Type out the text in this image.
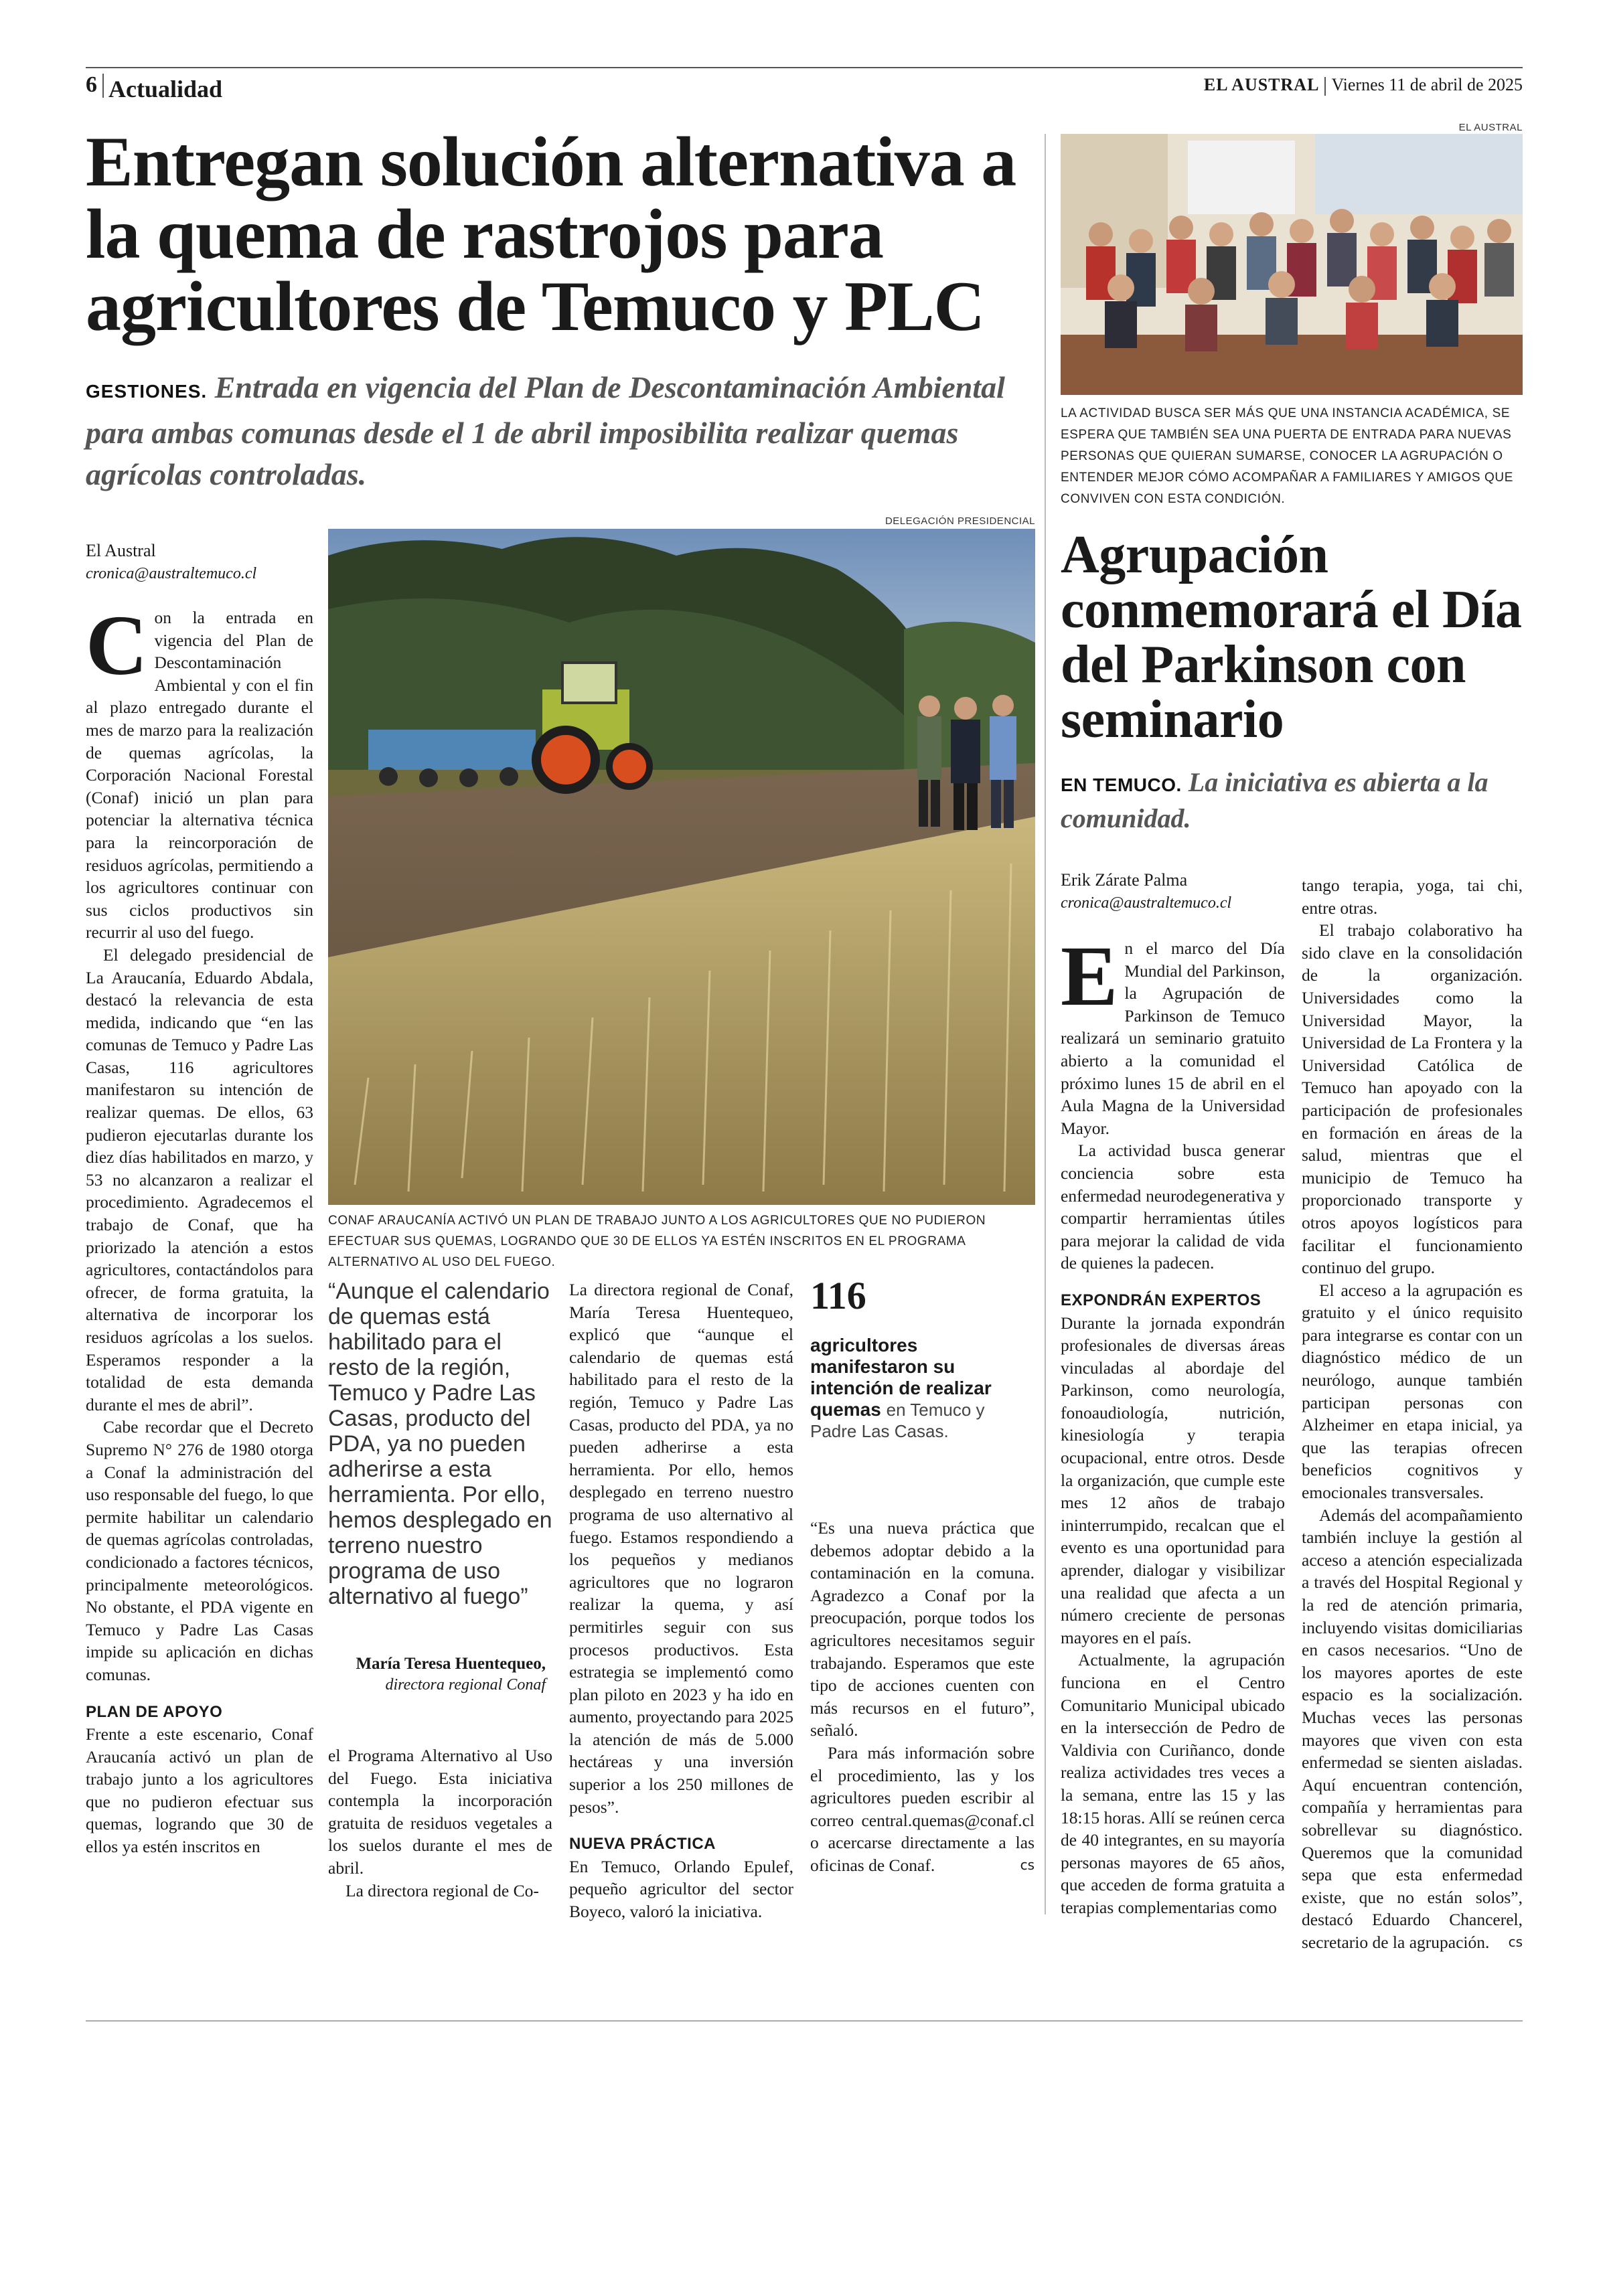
6 Actualidad	EL AUSTRAL Viernes 11 de abril de 2025
Entregan solución alternativa a la quema de rastrojos para agricultores de Temuco y PLC
GESTIONES. Entrada en vigencia del Plan de Descontaminación Ambiental para ambas comunas desde el 1 de abril imposibilita realizar quemas agrícolas controladas.
El Austral
cronica@australtemuco.cl

Con la entrada en vigencia del Plan de Descontaminación Ambiental y con el fin al plazo entregado durante el mes de marzo para la realización de quemas agrícolas, la Corporación Nacional Forestal (Conaf) inició un plan para potenciar la alternativa técnica para la reincorporación de residuos agrícolas, permitiendo a los agricultores continuar con sus ciclos productivos sin recurrir al uso del fuego.

El delegado presidencial de La Araucanía, Eduardo Abdala, destacó la relevancia de esta medida, indicando que “en las comunas de Temuco y Padre Las Casas, 116 agricultores manifestaron su intención de realizar quemas. De ellos, 63 pudieron ejecutarlas durante los diez días habilitados en marzo, y 53 no alcanzaron a realizar el procedimiento. Agradecemos el trabajo de Conaf, que ha priorizado la atención a estos agricultores, contactándolos para ofrecer, de forma gratuita, la alternativa de incorporar los residuos agrícolas a los suelos. Esperamos responder a la totalidad de esta demanda durante el mes de abril”.

Cabe recordar que el Decreto Supremo N° 276 de 1980 otorga a Conaf la administración del uso responsable del fuego, lo que permite habilitar un calendario de quemas agrícolas controladas, condicionado a factores técnicos, principalmente meteorológicos. No obstante, el PDA vigente en Temuco y Padre Las Casas impide su aplicación en dichas comunas.

PLAN DE APOYO

Frente a este escenario, Conaf Araucanía activó un plan de trabajo junto a los agricultores que no pudieron efectuar sus quemas, logrando que 30 de ellos ya estén inscritos en

DELEGACIÓN PRESIDENCIAL
CONAF ARAUCANÍA ACTIVÓ UN PLAN DE TRABAJO JUNTO A LOS AGRICULTORES QUE NO PUDIERON EFECTUAR SUS QUEMAS, LOGRANDO QUE 30 DE ELLOS YA ESTÉN INSCRITOS EN EL PROGRAMA ALTERNATIVO AL USO DEL FUEGO.
“Aunque el calendario de quemas está habilitado para el resto de la región, Temuco y Padre Las Casas, producto del PDA, ya no pueden adherirse a esta herramienta. Por ello, hemos desplegado en terreno nuestro programa de uso alternativo al fuego”
María Teresa Huentequeo,
directora regional Conaf

el Programa Alternativo al Uso del Fuego. Esta iniciativa contempla la incorporación gratuita de residuos vegetales a los suelos durante el mes de abril.

La directora regional de Co-

La directora regional de Conaf, María Teresa Huentequeo, explicó que “aunque el calendario de quemas está habilitado para el resto de la región, Temuco y Padre Las Casas, producto del PDA, ya no pueden adherirse a esta herramienta. Por ello, hemos desplegado en terreno nuestro programa de uso alternativo al fuego. Estamos respondiendo a los pequeños y medianos agricultores que no lograron realizar la quema, y así permitirles seguir con sus procesos productivos. Esta estrategia se implementó como plan piloto en 2023 y ha ido en aumento, proyectando para 2025 la atención de más de 5.000 hectáreas y una inversión superior a los 250 millones de pesos”.

NUEVA PRÁCTICA

En Temuco, Orlando Epulef, pequeño agricultor del sector Boyeco, valoró la iniciativa.

116
agricultores manifestaron su intención de realizar quemas en Temuco y Padre Las Casas.

“Es una nueva práctica que debemos adoptar debido a la contaminación en la comuna. Agradezco a Conaf por la preocupación, porque todos los agricultores necesitamos seguir trabajando. Esperamos que este tipo de acciones cuenten con más recursos en el futuro”, señaló.

Para más información sobre el procedimiento, las y los agricultores pueden escribir al correo central.quemas@conaf.cl o acercarse directamente a las oficinas de Conaf.	cs

EL AUSTRAL
LA ACTIVIDAD BUSCA SER MÁS QUE UNA INSTANCIA ACADÉMICA, SE ESPERA QUE TAMBIÉN SEA UNA PUERTA DE ENTRADA PARA NUEVAS PERSONAS QUE QUIERAN SUMARSE, CONOCER LA AGRUPACIÓN O ENTENDER MEJOR CÓMO ACOMPAÑAR A FAMILIARES Y AMIGOS QUE CONVIVEN CON ESTA CONDICIÓN.
Agrupación conmemorará el Día del Parkinson con seminario
EN TEMUCO. La iniciativa es abierta a la comunidad.
Erik Zárate Palma
cronica@australtemuco.cl

En el marco del Día Mundial del Parkinson, la Agrupación de Parkinson de Temuco realizará un seminario gratuito abierto a la comunidad el próximo lunes 15 de abril en el Aula Magna de la Universidad Mayor.

La actividad busca generar conciencia sobre esta enfermedad neurodegenerativa y compartir herramientas útiles para mejorar la calidad de vida de quienes la padecen.

EXPONDRÁN EXPERTOS

Durante la jornada expondrán profesionales de diversas áreas vinculadas al abordaje del Parkinson, como neurología, fonoaudiología, nutrición, kinesiología y terapia ocupacional, entre otros. Desde la organización, que cumple este mes 12 años de trabajo ininterrumpido, recalcan que el evento es una oportunidad para aprender, dialogar y visibilizar una realidad que afecta a un número creciente de personas mayores en el país.

Actualmente, la agrupación funciona en el Centro Comunitario Municipal ubicado en la intersección de Pedro de Valdivia con Curiñanco, donde realiza actividades tres veces a la semana, entre las 15 y las 18:15 horas. Allí se reúnen cerca de 40 integrantes, en su mayoría personas mayores de 65 años, que acceden de forma gratuita a terapias complementarias como

tango terapia, yoga, tai chi, entre otras.

El trabajo colaborativo ha sido clave en la consolidación de la organización. Universidades como la Universidad Mayor, la Universidad de La Frontera y la Universidad Católica de Temuco han apoyado con la participación de profesionales en formación en áreas de la salud, mientras que el municipio de Temuco ha proporcionado transporte y otros apoyos logísticos para facilitar el funcionamiento continuo del grupo.

El acceso a la agrupación es gratuito y el único requisito para integrarse es contar con un diagnóstico médico de un neurólogo, aunque también participan personas con Alzheimer en etapa inicial, ya que las terapias ofrecen beneficios cognitivos y emocionales transversales.

Además del acompañamiento también incluye la gestión al acceso a atención especializada a través del Hospital Regional y la red de atención primaria, incluyendo visitas domiciliarias en casos necesarios. “Uno de los mayores aportes de este espacio es la socialización. Muchas veces las personas mayores que viven con esta enfermedad se sienten aisladas. Aquí encuentran contención, compañía y herramientas para sobrellevar su diagnóstico. Queremos que la comunidad sepa que esta enfermedad existe, que no están solos”, destacó Eduardo Chancerel, secretario de la agrupación.	cs
